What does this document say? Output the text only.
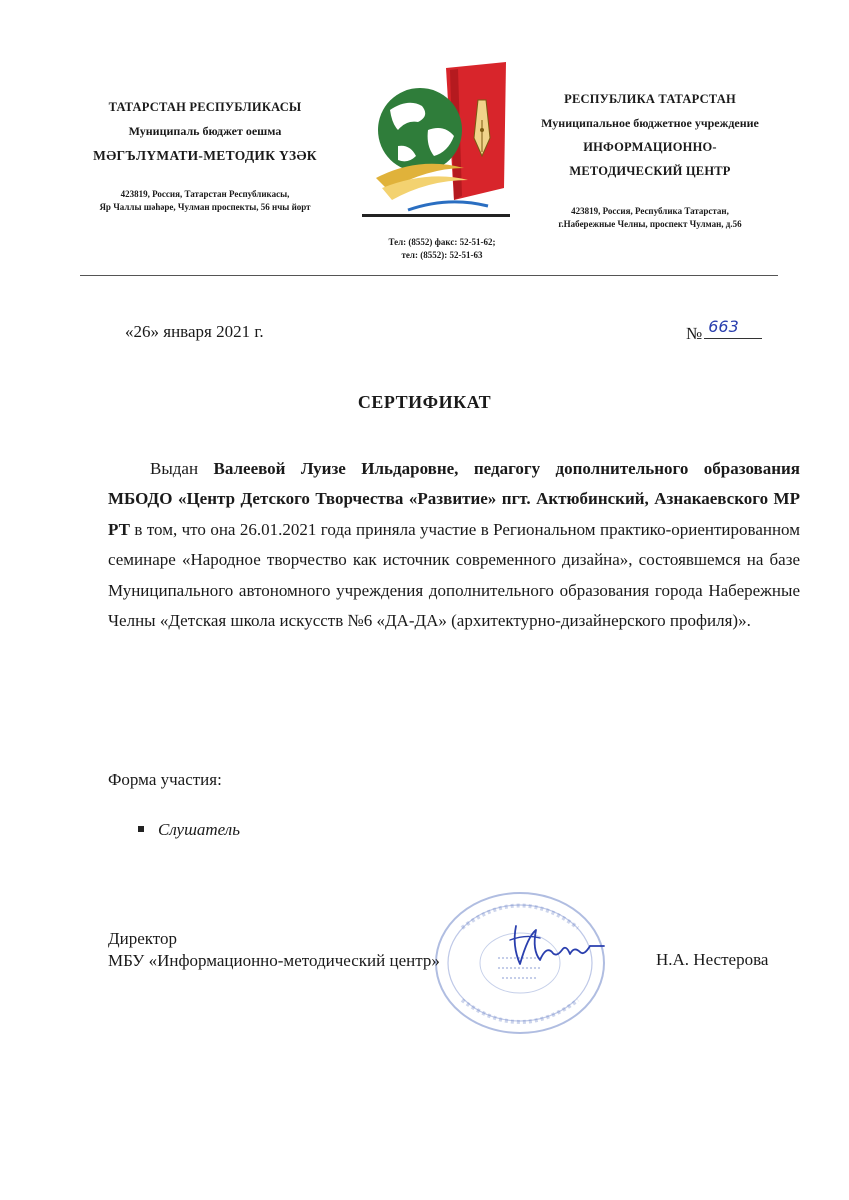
ТАТАРСТАН РЕСПУБЛИКАСЫ
Муниципаль бюджет оешма
МӘГЪЛҮМАТИ-МЕТОДИК ҮЗӘК
423819, Россия, Татарстан Республикасы,
Яр Чаллы шәһәре, Чулман проспекты, 56 нчы йорт
РЕСПУБЛИКА ТАТАРСТАН
Муниципальное бюджетное учреждение
ИНФОРМАЦИОННО-
МЕТОДИЧЕСКИЙ ЦЕНТР
423819, Россия, Республика Татарстан,
г.Набережные Челны, проспект Чулман, д.56
Тел: (8552) факс: 52-51-62;
тел: (8552): 52-51-63
«26» января 2021 г.	№ 663
СЕРТИФИКАТ
Выдан Валеевой Луизе Ильдаровне, педагогу дополнительного образования МБОДО «Центр Детского Творчества «Развитие» пгт. Актюбинский, Азнакаевского МР РТ в том, что она 26.01.2021 года приняла участие в Региональном практико-ориентированном семинаре «Народное творчество как источник современного дизайна», состоявшемся на базе Муниципального автономного учреждения дополнительного образования города Набережные Челны «Детская школа искусств №6 «ДА-ДА» (архитектурно-дизайнерского профиля)».
Форма участия:
Слушатель
Директор
МБУ «Информационно-методический центр»	Н.А. Нестерова
